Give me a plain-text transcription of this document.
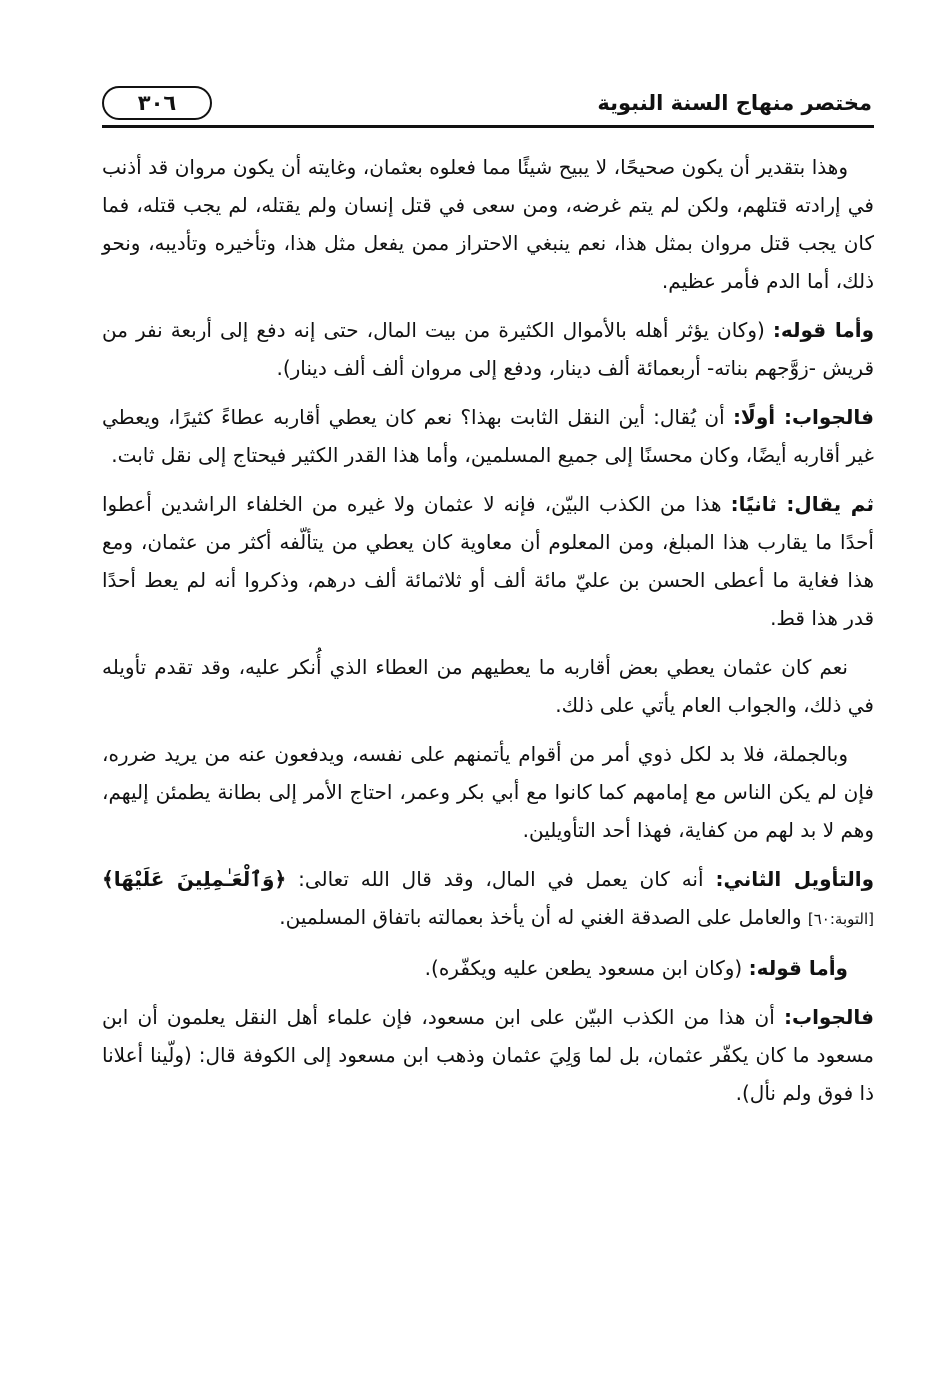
٣٠٦	مختصر منهاج السنة النبوية

وهذا بتقدير أن يكون صحيحًا، لا يبيح شيئًا مما فعلوه بعثمان، وغايته أن يكون مروان قد أذنب في إرادته قتلهم، ولكن لم يتم غرضه، ومن سعى في قتل إنسان ولم يقتله، لم يجب قتله، فما كان يجب قتل مروان بمثل هذا، نعم ينبغي الاحتراز ممن يفعل مثل هذا، وتأخيره وتأديبه، ونحو ذلك، أما الدم فأمر عظيم.

وأما قوله: (وكان يؤثر أهله بالأموال الكثيرة من بيت المال، حتى إنه دفع إلى أربعة نفر من قريش -زوَّجهم بناته- أربعمائة ألف دينار، ودفع إلى مروان ألف ألف دينار).

فالجواب: أولًا: أن يُقال: أين النقل الثابت بهذا؟ نعم كان يعطي أقاربه عطاءً كثيرًا، ويعطي غير أقاربه أيضًا، وكان محسنًا إلى جميع المسلمين، وأما هذا القدر الكثير فيحتاج إلى نقل ثابت.

ثم يقال: ثانيًا: هذا من الكذب البيّن، فإنه لا عثمان ولا غيره من الخلفاء الراشدين أعطوا أحدًا ما يقارب هذا المبلغ، ومن المعلوم أن معاوية كان يعطي من يتألّفه أكثر من عثمان، ومع هذا فغاية ما أعطى الحسن بن عليّ مائة ألف أو ثلاثمائة ألف درهم، وذكروا أنه لم يعط أحدًا قدر هذا قط.

نعم كان عثمان يعطي بعض أقاربه ما يعطيهم من العطاء الذي أُنكر عليه، وقد تقدم تأويله في ذلك، والجواب العام يأتي على ذلك.

وبالجملة، فلا بد لكل ذوي أمر من أقوام يأتمنهم على نفسه، ويدفعون عنه من يريد ضرره، فإن لم يكن الناس مع إمامهم كما كانوا مع أبي بكر وعمر، احتاج الأمر إلى بطانة يطمئن إليهم، وهم لا بد لهم من كفاية، فهذا أحد التأويلين.

والتأويل الثاني: أنه كان يعمل في المال، وقد قال الله تعالى: ﴿وَٱلْعَـٰمِلِينَ عَلَيْهَا﴾ [التوبة:٦٠] والعامل على الصدقة الغني له أن يأخذ بعمالته باتفاق المسلمين.

وأما قوله: (وكان ابن مسعود يطعن عليه ويكفّره).

فالجواب: أن هذا من الكذب البيّن على ابن مسعود، فإن علماء أهل النقل يعلمون أن ابن مسعود ما كان يكفّر عثمان، بل لما وَلِيَ عثمان وذهب ابن مسعود إلى الكوفة قال: (ولّينا أعلانا ذا فوق ولم نأل).
